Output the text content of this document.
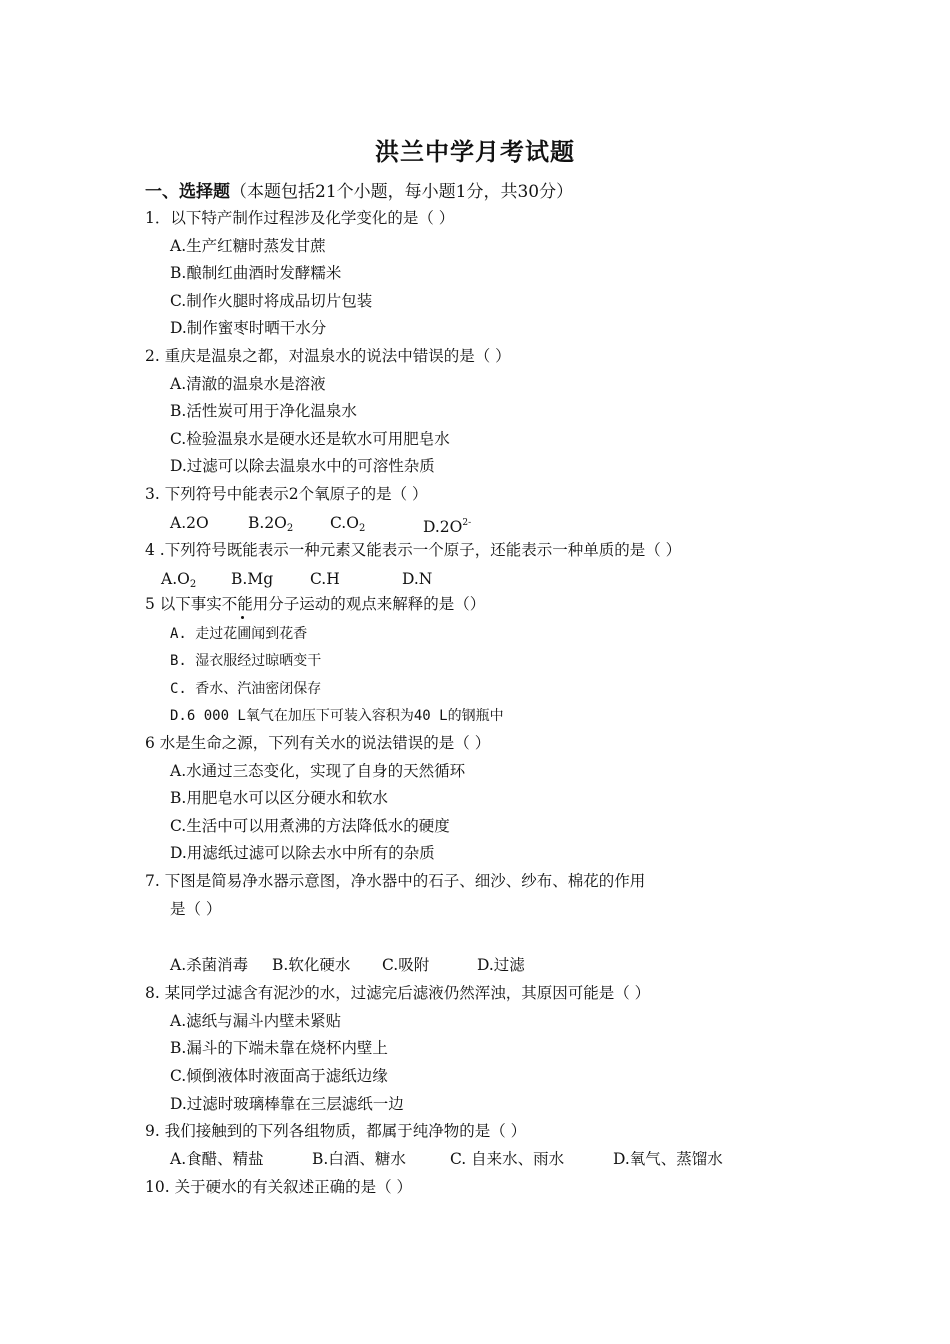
洪兰中学月考试题
一、选择题（本题包括21个小题，每小题1分，共30分）
1．以下特产制作过程涉及化学变化的是（ ）
A.生产红糖时蒸发甘蔗
B.酿制红曲酒时发酵糯米
C.制作火腿时将成品切片包装
D.制作蜜枣时晒干水分
2. 重庆是温泉之都，对温泉水的说法中错误的是（ ）
A.清澈的温泉水是溶液
B.活性炭可用于净化温泉水
C.检验温泉水是硬水还是软水可用肥皂水
D.过滤可以除去温泉水中的可溶性杂质
3. 下列符号中能表示2个氧原子的是（ ）
A.2O	$B.2O_2$ $C.O_2$	$D.2O^{2-}$
4 .下列符号既能表示一种元素又能表示一个原子，还能表示一种单质的是（ ）
$A.O_2$ B.Mg C.H	D.N
5 以下事实不能用分子运动的观点来解释的是（）
A. 走过花圃闻到花香
B. 湿衣服经过晾晒变干
C. 香水、汽油密闭保存
D.6 000 L氧气在加压下可装入容积为40 L的钢瓶中
6 水是生命之源，下列有关水的说法错误的是（ ）
A.水通过三态变化，实现了自身的天然循环
B.用肥皂水可以区分硬水和软水
C.生活中可以用煮沸的方法降低水的硬度
D.用滤纸过滤可以除去水中所有的杂质
7. 下图是简易净水器示意图，净水器中的石子、细沙、纱布、棉花的作用
是（ ）
A.杀菌消毒 B.软化硬水 C.吸附	D.过滤
8. 某同学过滤含有泥沙的水，过滤完后滤液仍然浑浊，其原因可能是（ ）
A.滤纸与漏斗内壁未紧贴
B.漏斗的下端未靠在烧杯内壁上
C.倾倒液体时液面高于滤纸边缘
D.过滤时玻璃棒靠在三层滤纸一边
9. 我们接触到的下列各组物质，都属于纯净物的是（ ）
A.食醋、精盐	B.白酒、糖水	C. 自来水、雨水	D.氧气、蒸馏水
10. 关于硬水的有关叙述正确的是（ ）
